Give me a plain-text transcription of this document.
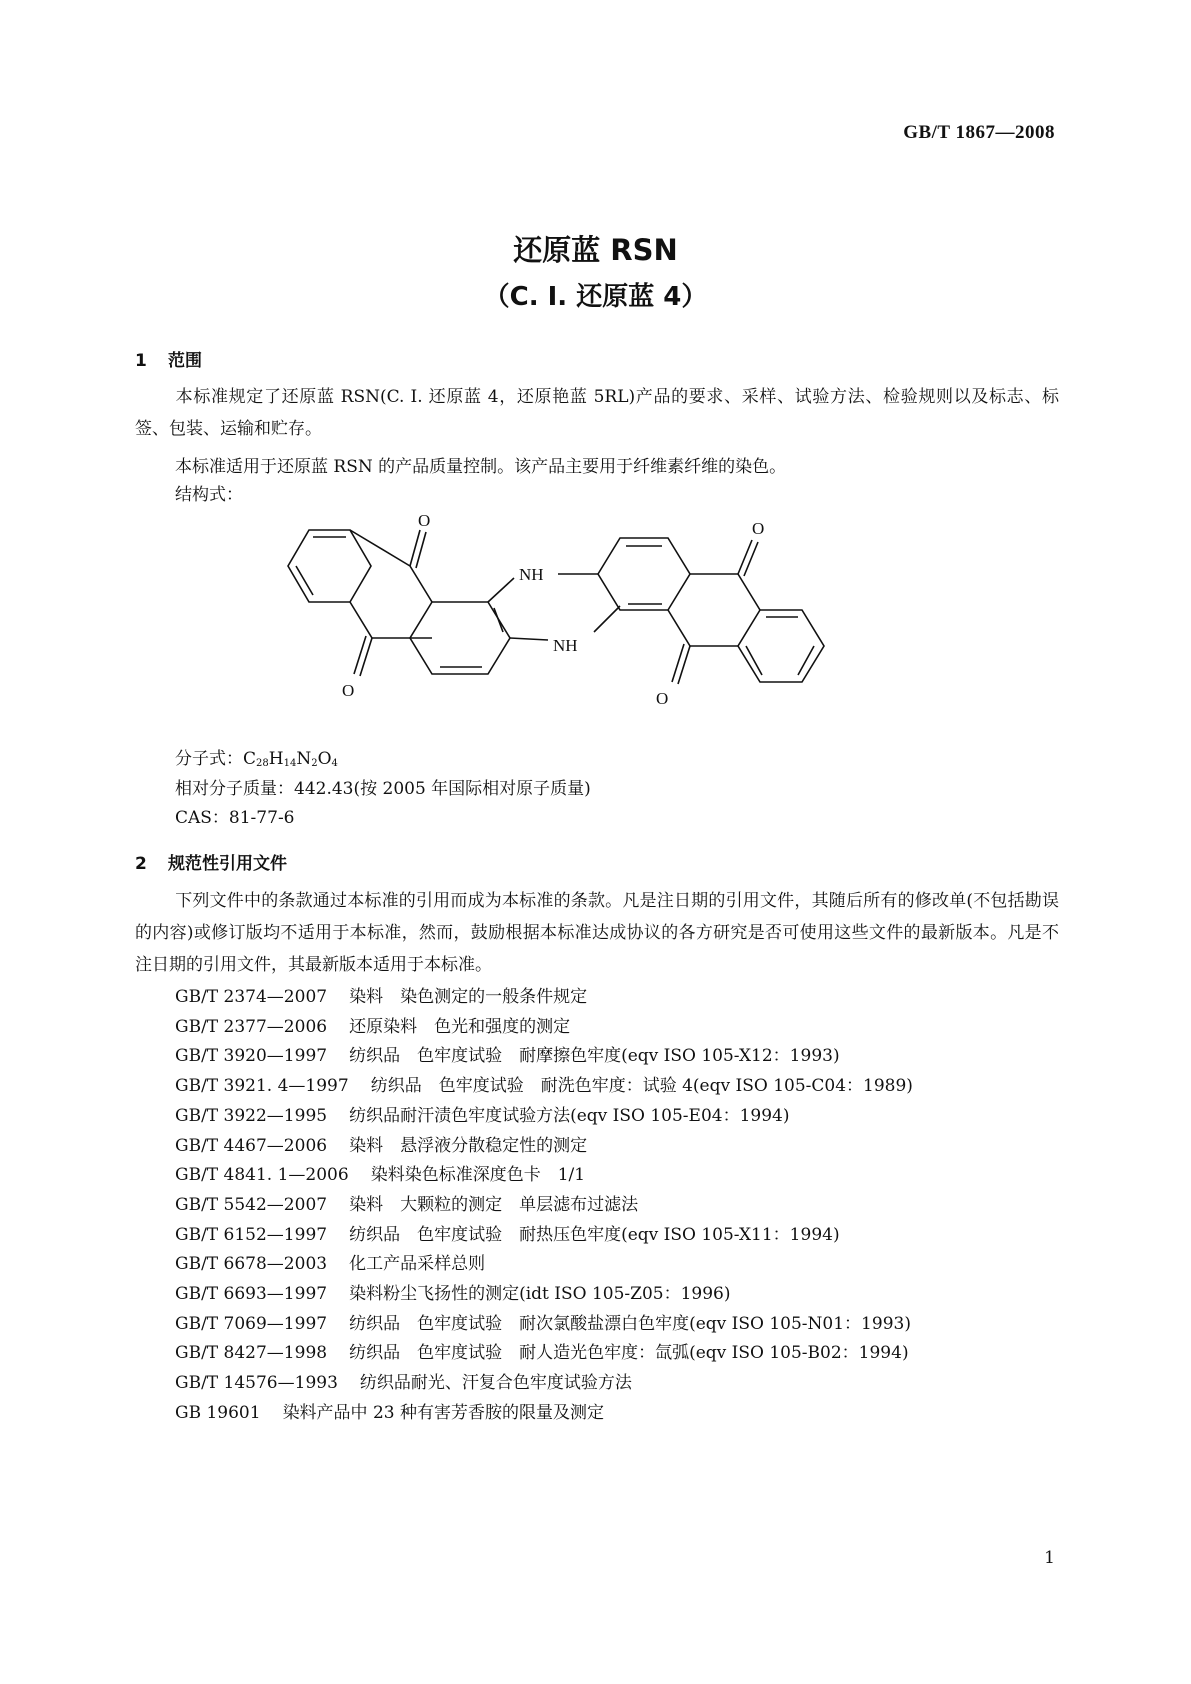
GB/T 1867—2008
还原蓝 RSN
（C. I. 还原蓝 4）
1 范围
本标准规定了还原蓝 RSN(C. I. 还原蓝 4，还原艳蓝 5RL)产品的要求、采样、试验方法、检验规则以及标志、标签、包装、运输和贮存。
本标准适用于还原蓝 RSN 的产品质量控制。该产品主要用于纤维素纤维的染色。
结构式：
O
O
O
O
NH
NH
分子式：$C_{28}H_{14}N_2O_4$
相对分子质量：442.43(按 2005 年国际相对原子质量)
CAS：81-77-6
2 规范性引用文件
下列文件中的条款通过本标准的引用而成为本标准的条款。凡是注日期的引用文件，其随后所有的修改单(不包括勘误的内容)或修订版均不适用于本标准，然而，鼓励根据本标准达成协议的各方研究是否可使用这些文件的最新版本。凡是不注日期的引用文件，其最新版本适用于本标准。
GB/T 2374—2007 染料　染色测定的一般条件规定
GB/T 2377—2006 还原染料　色光和强度的测定
GB/T 3920—1997 纺织品　色牢度试验　耐摩擦色牢度(eqv ISO 105-X12：1993)
GB/T 3921. 4—1997 纺织品　色牢度试验　耐洗色牢度：试验 4(eqv ISO 105-C04：1989)
GB/T 3922—1995 纺织品耐汗渍色牢度试验方法(eqv ISO 105-E04：1994)
GB/T 4467—2006 染料　悬浮液分散稳定性的测定
GB/T 4841. 1—2006 染料染色标准深度色卡　1/1
GB/T 5542—2007 染料　大颗粒的测定　单层滤布过滤法
GB/T 6152—1997 纺织品　色牢度试验　耐热压色牢度(eqv ISO 105-X11：1994)
GB/T 6678—2003 化工产品采样总则
GB/T 6693—1997 染料粉尘飞扬性的测定(idt ISO 105-Z05：1996)
GB/T 7069—1997 纺织品　色牢度试验　耐次氯酸盐漂白色牢度(eqv ISO 105-N01：1993)
GB/T 8427—1998 纺织品　色牢度试验　耐人造光色牢度：氙弧(eqv ISO 105-B02：1994)
GB/T 14576—1993 纺织品耐光、汗复合色牢度试验方法
GB 19601 染料产品中 23 种有害芳香胺的限量及测定
1
